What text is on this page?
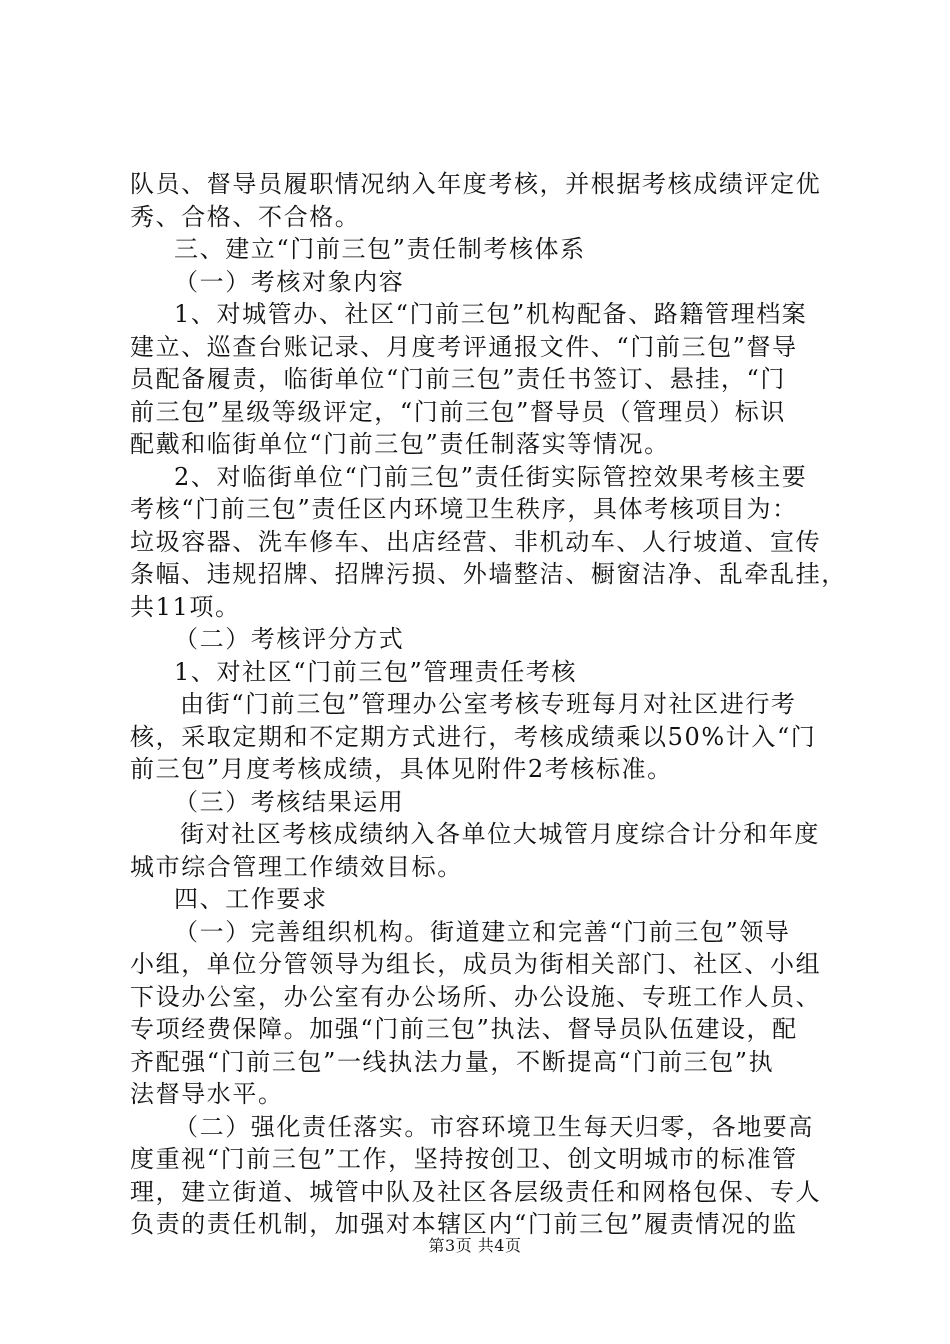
队员、督导员履职情况纳入年度考核，并根据考核成绩评定优
秀、合格、不合格。
三、建立“门前三包”责任制考核体系
（一）考核对象内容
1、对城管办、社区“门前三包”机构配备、路籍管理档案
建立、巡查台账记录、月度考评通报文件、“门前三包”督导
员配备履责，临街单位“门前三包”责任书签订、悬挂，“门
前三包”星级等级评定，“门前三包”督导员（管理员）标识
配戴和临街单位“门前三包”责任制落实等情况。
2、对临街单位“门前三包”责任街实际管控效果考核主要
考核“门前三包”责任区内环境卫生秩序，具体考核项目为：
垃圾容器、洗车修车、出店经营、非机动车、人行坡道、宣传
条幅、违规招牌、招牌污损、外墙整洁、橱窗洁净、乱牵乱挂，
共11项。
（二）考核评分方式
1、对社区“门前三包”管理责任考核
由街“门前三包”管理办公室考核专班每月对社区进行考
核，采取定期和不定期方式进行，考核成绩乘以50%计入“门
前三包”月度考核成绩，具体见附件2考核标准。
（三）考核结果运用
街对社区考核成绩纳入各单位大城管月度综合计分和年度
城市综合管理工作绩效目标。
四、工作要求
（一）完善组织机构。街道建立和完善“门前三包”领导
小组，单位分管领导为组长，成员为街相关部门、社区、小组
下设办公室，办公室有办公场所、办公设施、专班工作人员、
专项经费保障。加强“门前三包”执法、督导员队伍建设，配
齐配强“门前三包”一线执法力量，不断提高“门前三包”执
法督导水平。
（二）强化责任落实。市容环境卫生每天归零，各地要高
度重视“门前三包”工作，坚持按创卫、创文明城市的标准管
理，建立街道、城管中队及社区各层级责任和网格包保、专人
负责的责任机制，加强对本辖区内“门前三包”履责情况的监
第3页 共4页
